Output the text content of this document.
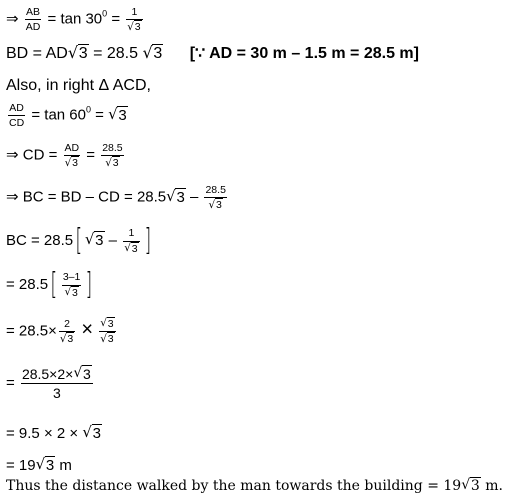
⇒ $\frac{AB}{AD} = \tan 30^0 = 1$
√ 3
BD = AD √ 3 = 28.5 √ 3 [∵ AD = 30 m – 1.5 m = 28.5 m]
Also, in right Δ ACD,
$\frac{AD}{CD} = \tan 60^0$ = √ 3
⇒ CD = AD
√ 3 = 28.5
√ 3
⇒ BC = BD – CD = 28.5 √ 3 – 28.5
√ 3
BC = 28.5[ √ 3 – 1
√ 3 ]
= 28.5[ 3–1
√ 3 ]
= 28.5× 2
√ 3 × √ 3
√ 3
= $\frac{28.5\times 2\times √ 3}{3}$
= 9.5 × 2 × √ 3
= 19 √ 3 m
Thus the distance walked by the man towards the building = 19 √ 3 m.
